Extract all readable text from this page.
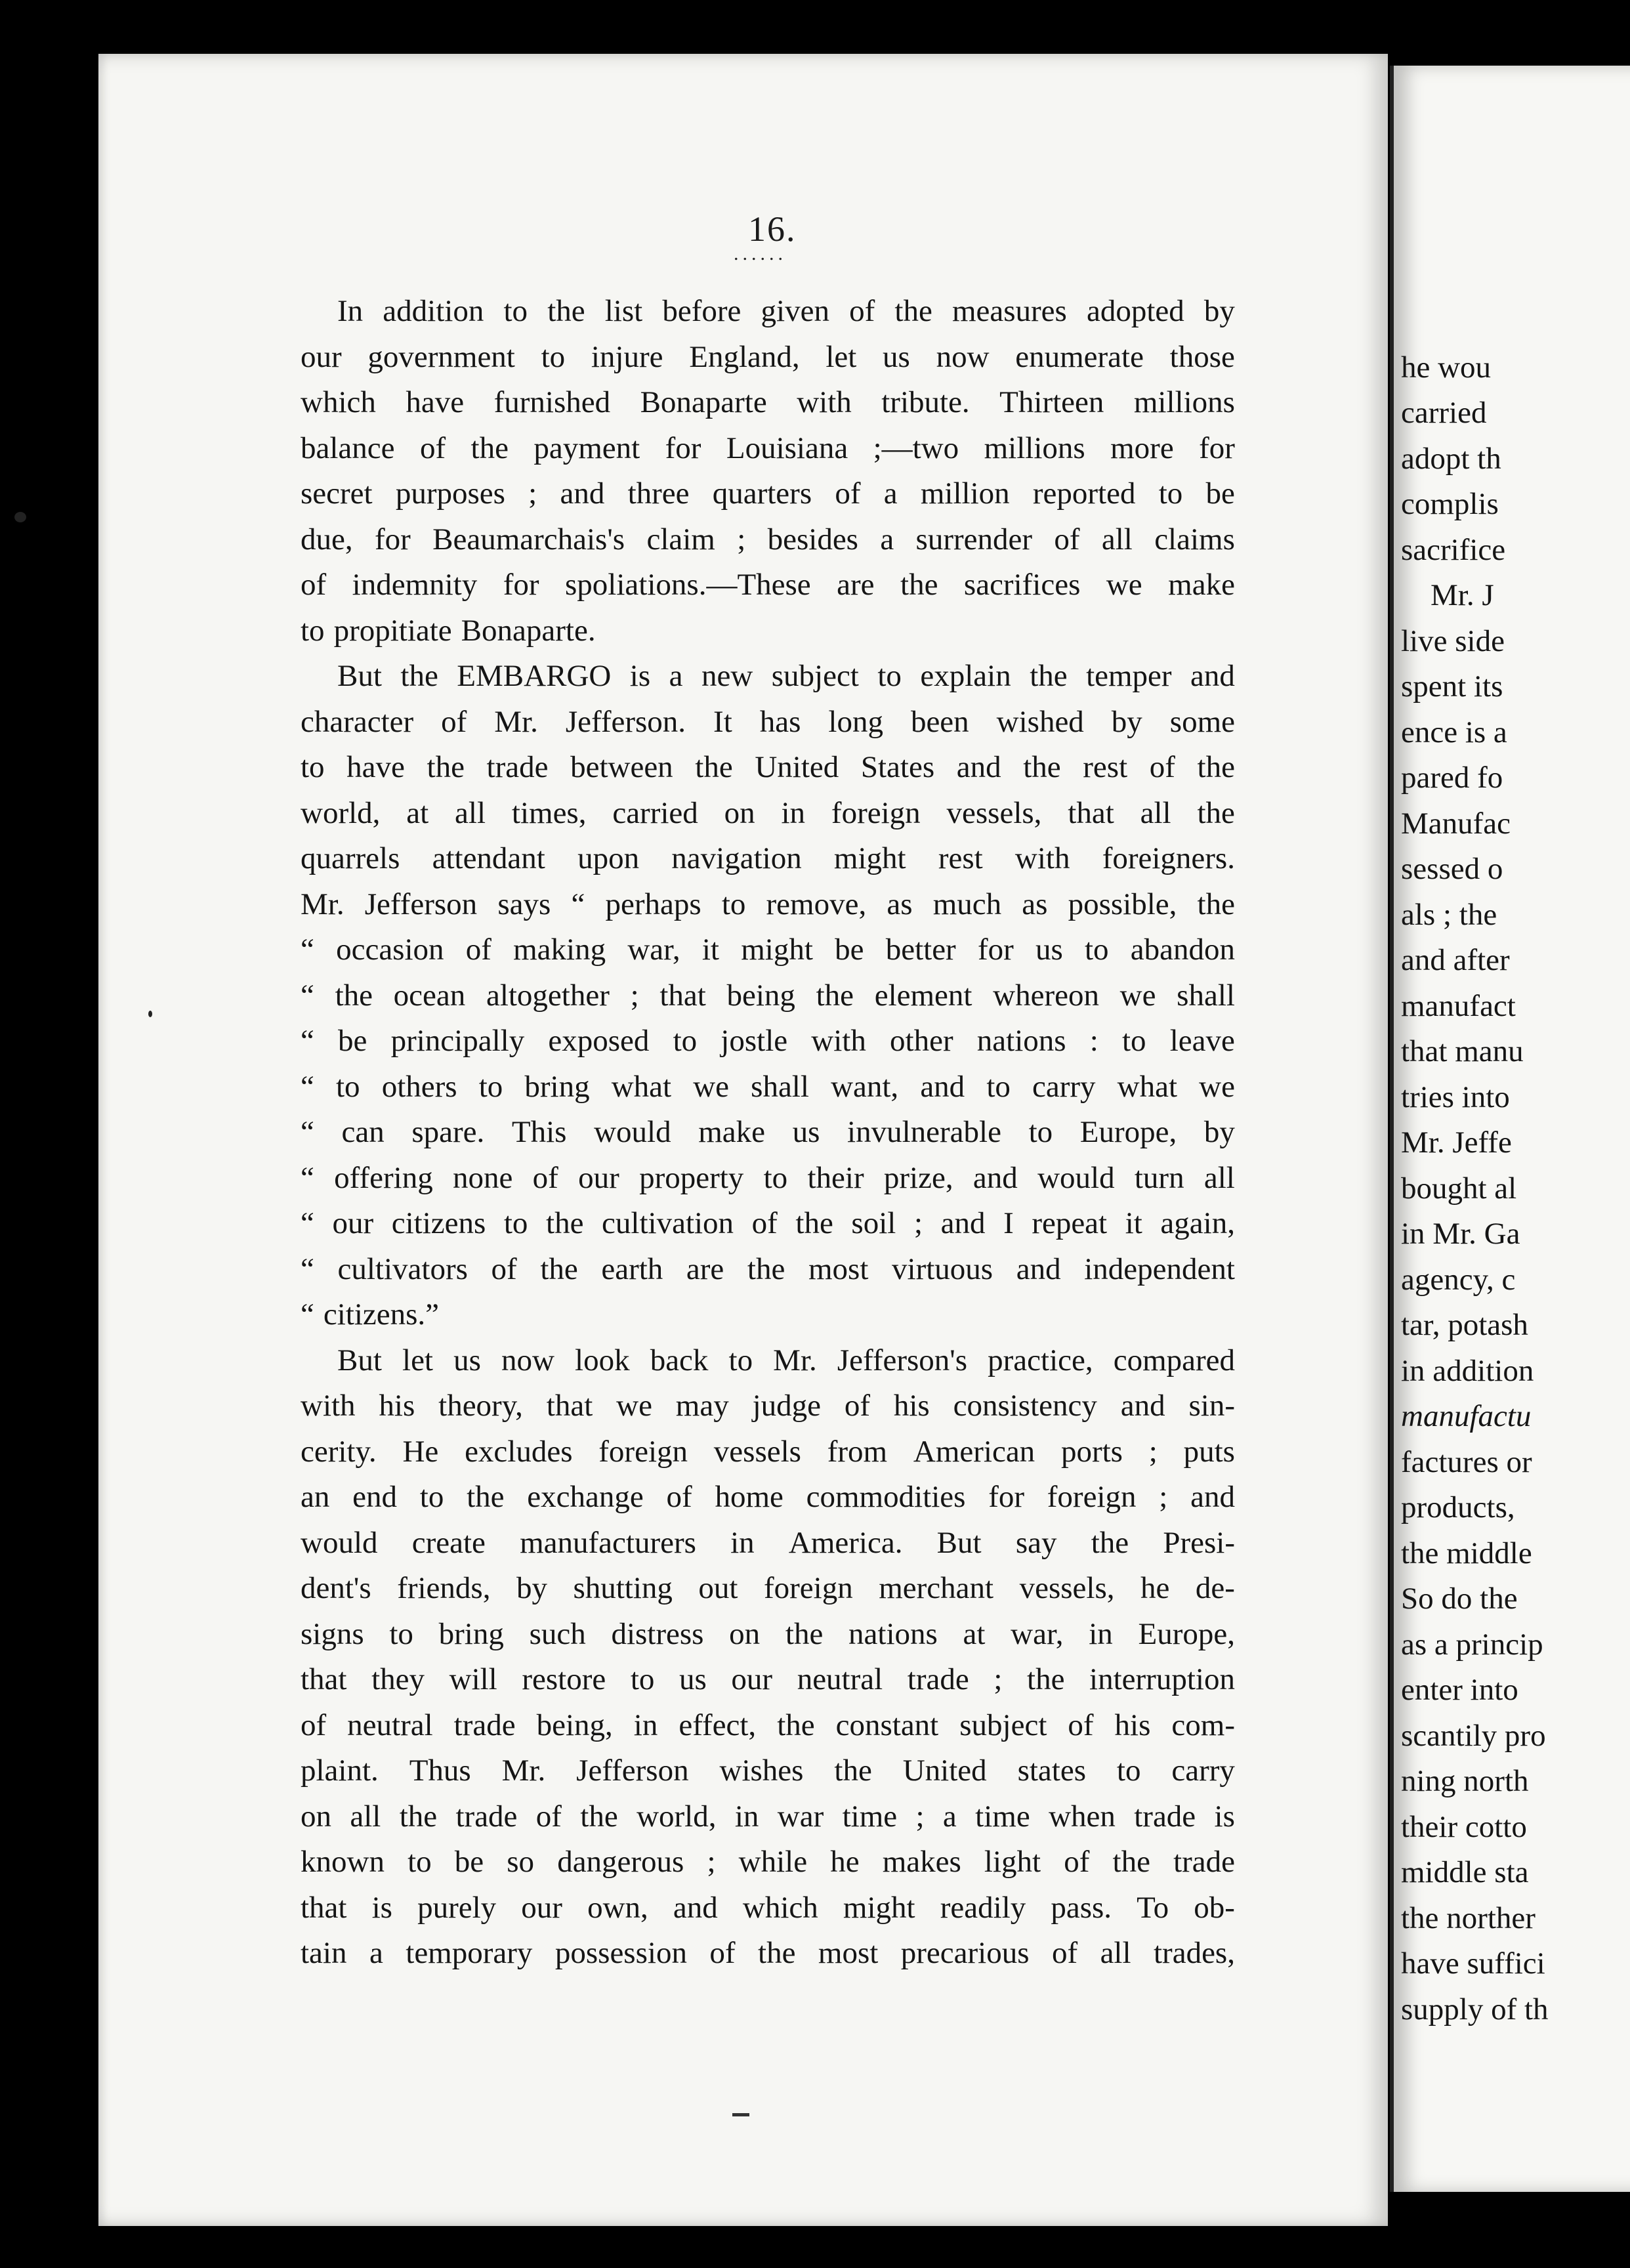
16.
......
In addition to the list before given of the measures adopted by
our government to injure England, let us now enumerate those
which have furnished Bonaparte with tribute. Thirteen millions
balance of the payment for Louisiana ;—two millions more for
secret purposes ; and three quarters of a million reported to be
due, for Beaumarchais's claim ; besides a surrender of all claims
of indemnity for spoliations.—These are the sacrifices we make
to propitiate Bonaparte.
But the EMBARGO is a new subject to explain the temper and
character of Mr. Jefferson. It has long been wished by some
to have the trade between the United States and the rest of the
world, at all times, carried on in foreign vessels, that all the
quarrels attendant upon navigation might rest with foreigners.
Mr. Jefferson says “ perhaps to remove, as much as possible, the
“ occasion of making war, it might be better for us to abandon
“ the ocean altogether ; that being the element whereon we shall
“ be principally exposed to jostle with other nations : to leave
“ to others to bring what we shall want, and to carry what we
“ can spare. This would make us invulnerable to Europe, by
“ offering none of our property to their prize, and would turn all
“ our citizens to the cultivation of the soil ; and I repeat it again,
“ cultivators of the earth are the most virtuous and independent
“ citizens.”
But let us now look back to Mr. Jefferson's practice, compared
with his theory, that we may judge of his consistency and sin-
cerity. He excludes foreign vessels from American ports ; puts
an end to the exchange of home commodities for foreign ; and
would create manufacturers in America. But say the Presi-
dent's friends, by shutting out foreign merchant vessels, he de-
signs to bring such distress on the nations at war, in Europe,
that they will restore to us our neutral trade ; the interruption
of neutral trade being, in effect, the constant subject of his com-
plaint. Thus Mr. Jefferson wishes the United states to carry
on all the trade of the world, in war time ; a time when trade is
known to be so dangerous ; while he makes light of the trade
that is purely our own, and which might readily pass. To ob-
tain a temporary possession of the most precarious of all trades,
he wou
carried
adopt th
complis
sacrifice
Mr. J
live side
spent its
ence is a
pared fo
Manufac
sessed o
als ; the
and after
manufact
that manu
tries into
Mr. Jeffe
bought al
in Mr. Ga
agency, c
tar, potash
in addition
manufactu
factures or
products,
the middle
So do the
as a princip
enter into
scantily pro
ning north
their cotto
middle sta
the norther
have suffici
supply of th
